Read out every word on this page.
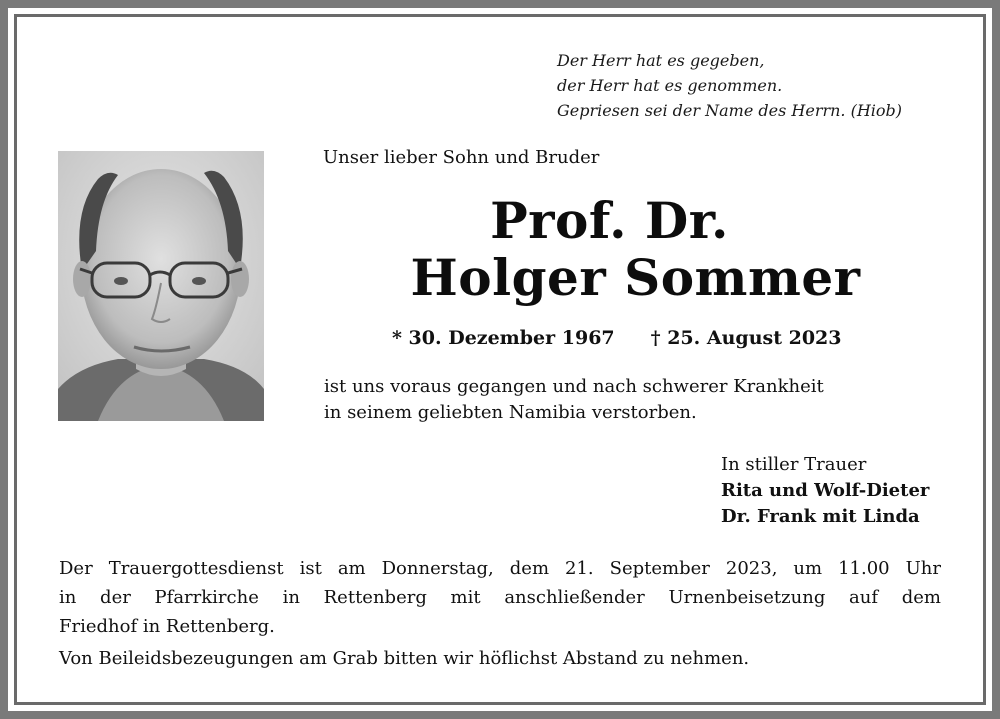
Der Herr hat es gegeben,
der Herr hat es genommen.
Gepriesen sei der Name des Herrn. (Hiob)
Unser lieber Sohn und Bruder
Prof. Dr.
Holger Sommer
* 30. Dezember 1967 † 25. August 2023
ist uns voraus gegangen und nach schwerer Krankheit
in seinem geliebten Namibia verstorben.
In stiller Trauer
Rita und Wolf-Dieter
Dr. Frank mit Linda
Der Trauergottesdienst ist am Donnerstag, dem 21. September 2023, um 11.00 Uhr
in der Pfarrkirche in Rettenberg mit anschließender Urnenbeisetzung auf dem
Friedhof in Rettenberg.
Von Beileidsbezeugungen am Grab bitten wir höflichst Abstand zu nehmen.
